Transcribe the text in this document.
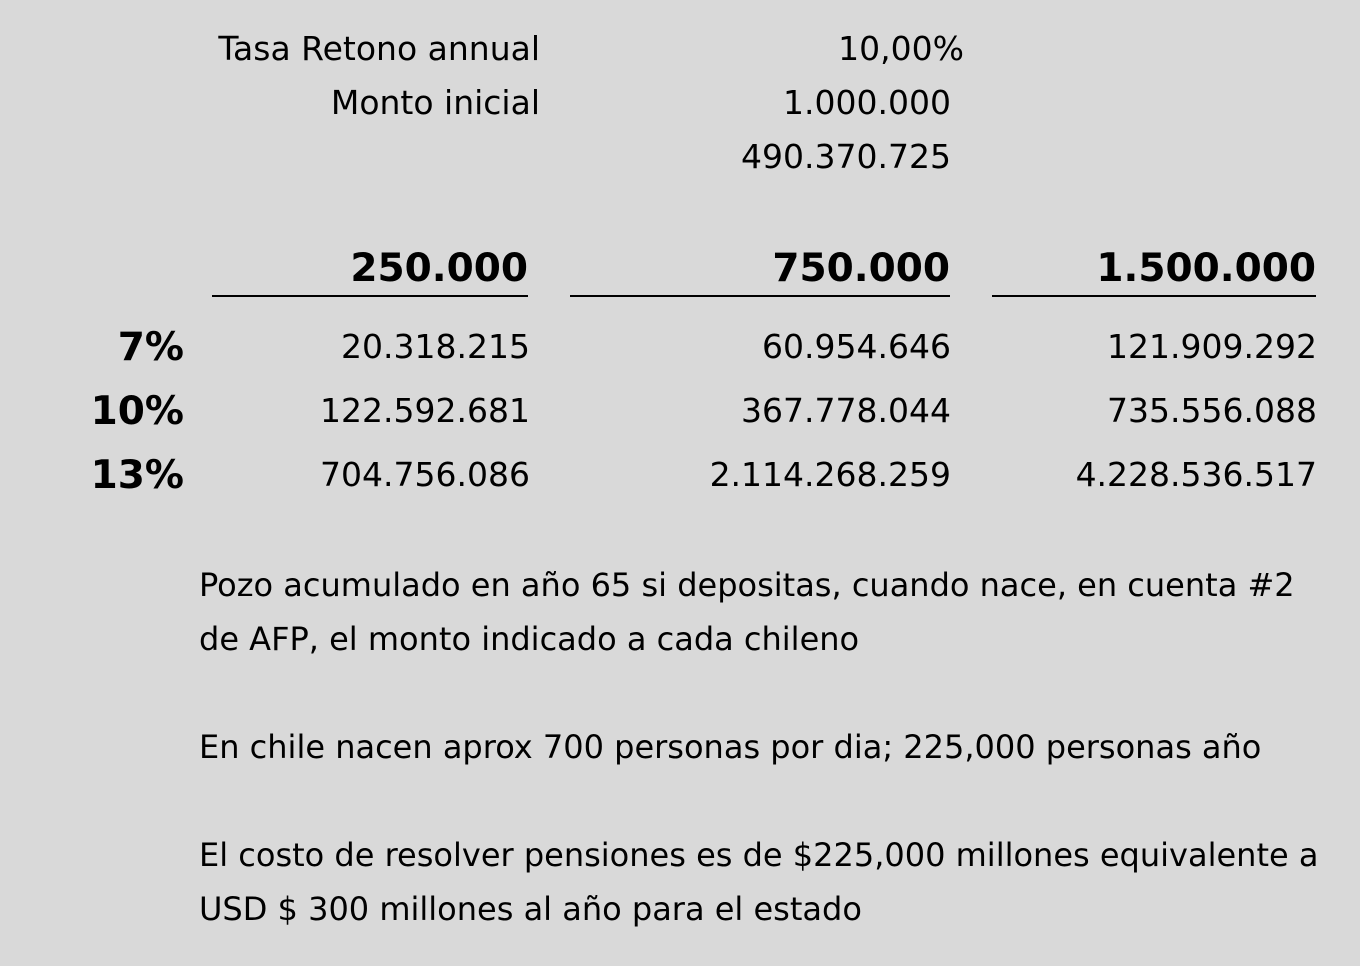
Tasa Retono annual	10,00%
Monto inicial	1.000.000
490.370.725
250.000	750.000	1.500.000
7%	20.318.215	60.954.646	121.909.292
10%	122.592.681	367.778.044	735.556.088
13%	704.756.086	2.114.268.259	4.228.536.517
Pozo acumulado en año 65 si depositas, cuando nace, en cuenta #2 de AFP, el monto indicado a cada chileno
En chile nacen aprox 700 personas por dia; 225,000 personas año
El costo de resolver pensiones es de $225,000 millones equivalente a USD $ 300 millones al año para el estado
